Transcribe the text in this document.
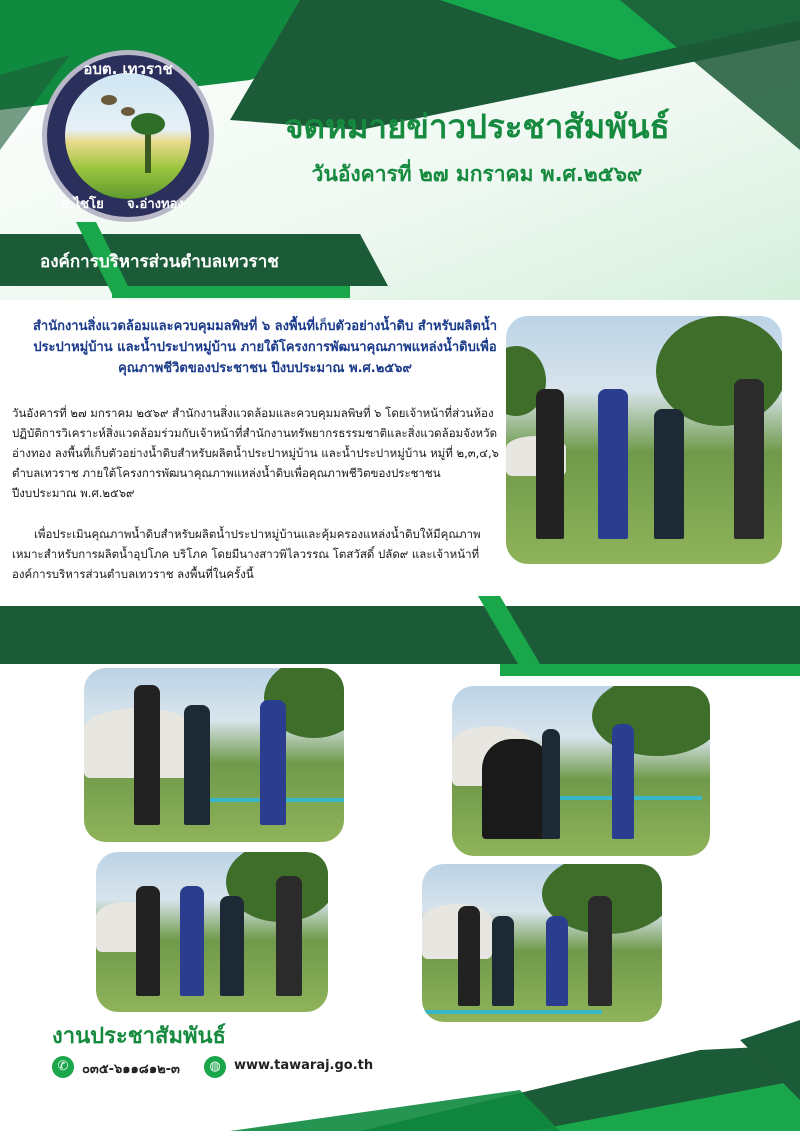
อบต. เทวราช
อ.ไชโย จ.อ่างทอง
จดหมายข่าวประชาสัมพันธ์
วันอังคารที่ ๒๗ มกราคม พ.ศ.๒๕๖๙
องค์การบริหารส่วนตำบลเทวราช
สำนักงานสิ่งแวดล้อมและควบคุมมลพิษที่ ๖ ลงพื้นที่เก็บตัวอย่างน้ำดิบ สำหรับผลิตน้ำประปาหมู่บ้าน และน้ำประปาหมู่บ้าน ภายใต้โครงการพัฒนาคุณภาพแหล่งน้ำดิบเพื่อคุณภาพชีวิตของประชาชน ปีงบประมาณ พ.ศ.๒๕๖๙
วันอังคารที่ ๒๗ มกราคม ๒๕๖๙ สำนักงานสิ่งแวดล้อมและควบคุมมลพิษที่ ๖ โดยเจ้าหน้าที่ส่วนห้องปฏิบัติการวิเคราะห์สิ่งแวดล้อมร่วมกับเจ้าหน้าที่สำนักงานทรัพยากรธรรมชาติและสิ่งแวดล้อมจังหวัดอ่างทอง ลงพื้นที่เก็บตัวอย่างน้ำดิบสำหรับผลิตน้ำประปาหมู่บ้าน และน้ำประปาหมู่บ้าน หมู่ที่ ๒,๓,๔,๖ ตำบลเทวราช ภายใต้โครงการพัฒนาคุณภาพแหล่งน้ำดิบเพื่อคุณภาพชีวิตของประชาชน ปีงบประมาณ พ.ศ.๒๕๖๙
เพื่อประเมินคุณภาพน้ำดิบสำหรับผลิตน้ำประปาหมู่บ้านและคุ้มครองแหล่งน้ำดิบให้มีคุณภาพเหมาะสำหรับการผลิตน้ำอุปโภค บริโภค โดยมีนางสาวพิไลวรรณ โตสวัสดิ์ ปลัด๙ และเจ้าหน้าที่องค์การบริหารส่วนตำบลเทวราช ลงพื้นที่ในครั้งนี้
งานประชาสัมพันธ์
✆	๐๓๕-๖๑๑๘๑๒-๓	◍	www.tawaraj.go.th
